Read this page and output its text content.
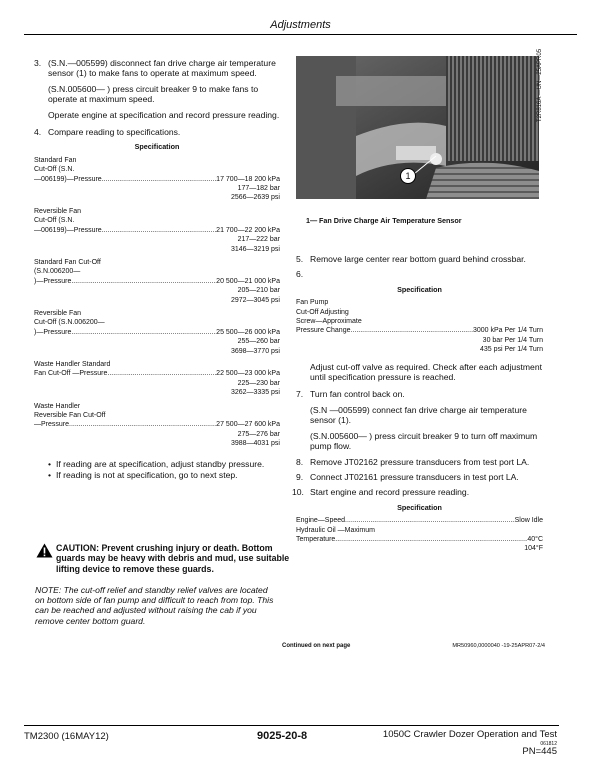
Adjustments
3. (S.N.—005599) disconnect fan drive charge air temperature sensor (1) to make fans to operate at maximum speed.
(S.N.005600— ) press circuit breaker 9 to make fans to operate at maximum speed.
Operate engine at specification and record pressure reading.
4. Compare reading to specifications.
Specification
Standard Fan
Cut-Off (S.N.
—006199)—Pressure .....	17 700—18 200 kPa
177—182 bar
2566—2639 psi
Reversible Fan
Cut-Off (S.N.
—006199)—Pressure .....	21 700—22 200 kPa
217—222 bar
3146—3219 psi
Standard Fan Cut-Off
(S.N.006200—
)—Pressure .....	20 500—21 000 kPa
205—210 bar
2972—3045 psi
Reversible Fan
Cut-Off (S.N.006200—
)—Pressure .....	25 500—26 000 kPa
255—260 bar
3698—3770 psi
Waste Handler Standard
Fan Cut-Off —Pressure .....	22 500—23 000 kPa
225—230 bar
3262—3335 psi
Waste Handler
Reversible Fan Cut-Off
—Pressure .....	27 500—27 600 kPa
275—276 bar
3988—4031 psi
• If reading are at specification, adjust standby pressure.
• If reading is not at specification, go to next step.
CAUTION: Prevent crushing injury or death. Bottom guards may be heavy with debris and mud, use suitable lifting device to remove these guards.
NOTE: The cut-off relief and standby relief valves are located on bottom side of fan pump and difficult to reach from top. This can be reached and adjusted without raising the cab if you remove center bottom guard.
1
T2R816A —UN—25APR05
1— Fan Drive Charge Air Temperature Sensor
5. Remove large center rear bottom guard behind crossbar.
6.

Specification
Fan Pump
Cut-Off Adjusting
Screw—Approximate
Pressure Change .....	3000 kPa Per 1/4 Turn
30 bar Per 1/4 Turn
435 psi Per 1/4 Turn
Adjust cut-off valve as required. Check after each adjustment until specification pressure is reached.
7. Turn fan control back on.
(S.N —005599) connect fan drive charge air temperature sensor (1).
(S.N.005600— ) press circuit breaker 9 to turn off maximum pump flow.
8. Remove JT02162 pressure transducers from test port LA.
9. Connect JT02161 pressure transducers in test port LA.
10. Start engine and record pressure reading.
Specification
Engine—Speed .....	Slow Idle
Hydraulic Oil —Maximum
Temperature .....	40°C
104°F
Continued on next page	MR50960,0000040 -19-25APR07-2/4
TM2300 (16MAY12)	9025-20-8	1050C Crawler Dozer Operation and Test
061812
PN=445
